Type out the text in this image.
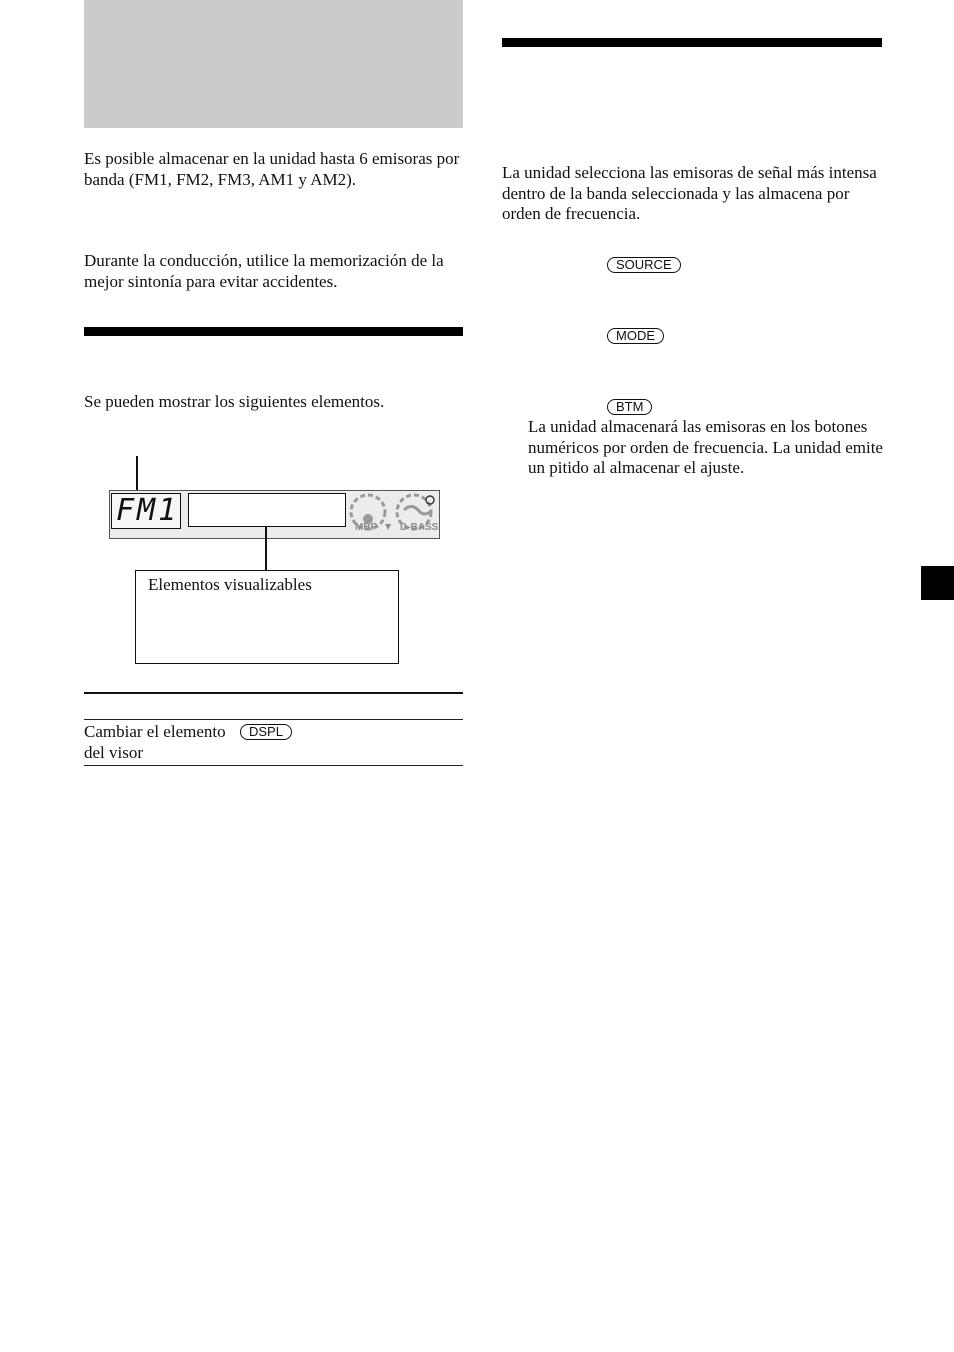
Es posible almacenar en la unidad hasta 6 emisoras por banda (FM1, FM2, FM3, AM1 y AM2).
Durante la conducción, utilice la memorización de la mejor sintonía para evitar accidentes.
Se pueden mostrar los siguientes elementos.
FM1	MBP ▼ D-BASS
Elementos visualizables
Cambiar el elemento del visor
DSPL
La unidad selecciona las emisoras de señal más intensa dentro de la banda seleccionada y las almacena por orden de frecuencia.
SOURCE
MODE
BTM
La unidad almacenará las emisoras en los botones numéricos por orden de frecuencia. La unidad emite un pitido al almacenar el ajuste.
